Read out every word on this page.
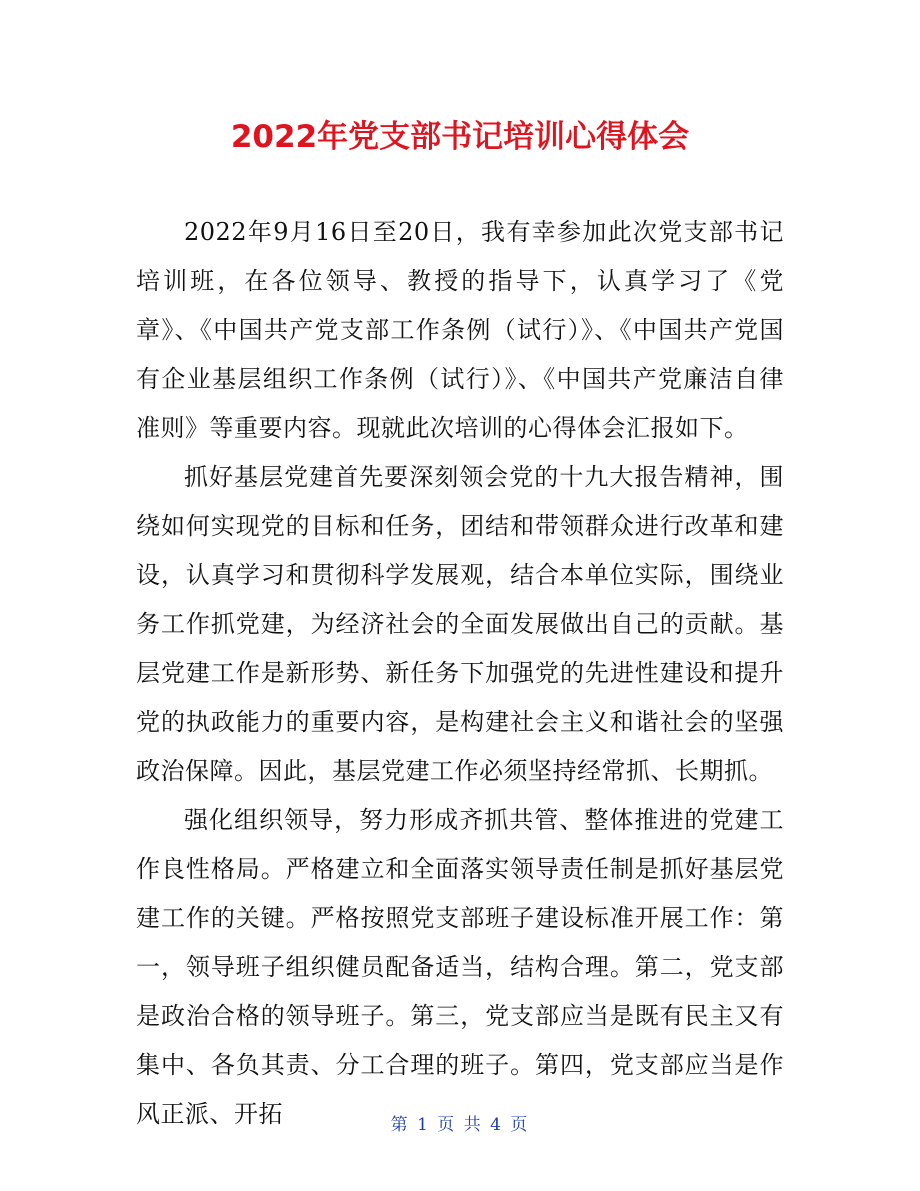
2022年党支部书记培训心得体会

2022年9月16日至20日，我有幸参加此次党支部书记培训班，在各位领导、教授的指导下，认真学习了《党章》、《中国共产党支部工作条例（试行）》、《中国共产党国有企业基层组织工作条例（试行）》、《中国共产党廉洁自律准则》等重要内容。现就此次培训的心得体会汇报如下。

抓好基层党建首先要深刻领会党的十九大报告精神，围绕如何实现党的目标和任务，团结和带领群众进行改革和建设，认真学习和贯彻科学发展观，结合本单位实际，围绕业务工作抓党建，为经济社会的全面发展做出自己的贡献。基层党建工作是新形势、新任务下加强党的先进性建设和提升党的执政能力的重要内容，是构建社会主义和谐社会的坚强政治保障。因此，基层党建工作必须坚持经常抓、长期抓。

强化组织领导，努力形成齐抓共管、整体推进的党建工作良性格局。严格建立和全面落实领导责任制是抓好基层党建工作的关键。严格按照党支部班子建设标准开展工作：第一，领导班子组织健员配备适当，结构合理。第二，党支部是政治合格的领导班子。第三，党支部应当是既有民主又有集中、各负其责、分工合理的班子。第四，党支部应当是作风正派、开拓	第 1 页 共 4 页
